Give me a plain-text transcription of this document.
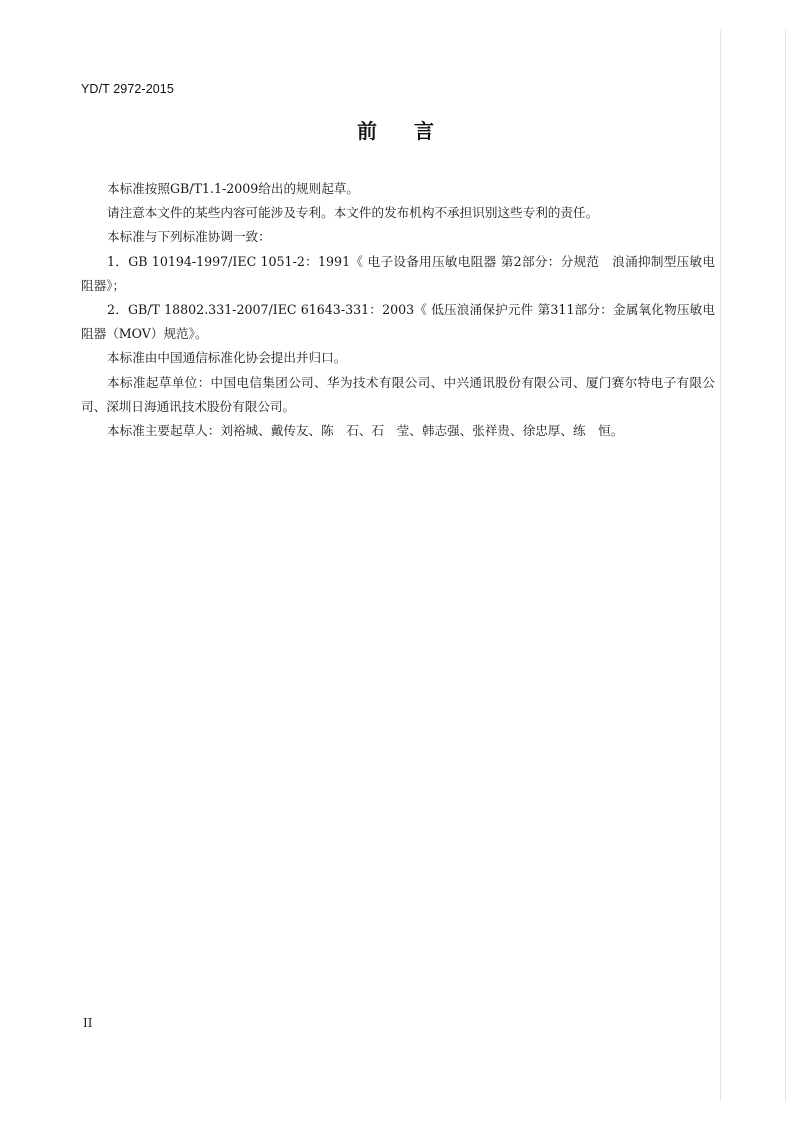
YD/T 2972-2015
前 言

本标准按照GB/T1.1-2009给出的规则起草。

请注意本文件的某些内容可能涉及专利。本文件的发布机构不承担识别这些专利的责任。

本标准与下列标准协调一致：

1．GB 10194-1997/IEC 1051-2：1991《 电子设备用压敏电阻器 第2部分：分规范　浪涌抑制型压敏电阻器》；

2．GB/T 18802.331-2007/IEC 61643-331：2003《 低压浪涌保护元件 第311部分：金属氧化物压敏电阻器（MOV）规范》。

本标准由中国通信标准化协会提出并归口。

本标准起草单位：中国电信集团公司、华为技术有限公司、中兴通讯股份有限公司、厦门赛尔特电子有限公司、深圳日海通讯技术股份有限公司。

本标准主要起草人：刘裕城、戴传友、陈　石、石　莹、韩志强、张祥贵、徐忠厚、练　恒。

II
